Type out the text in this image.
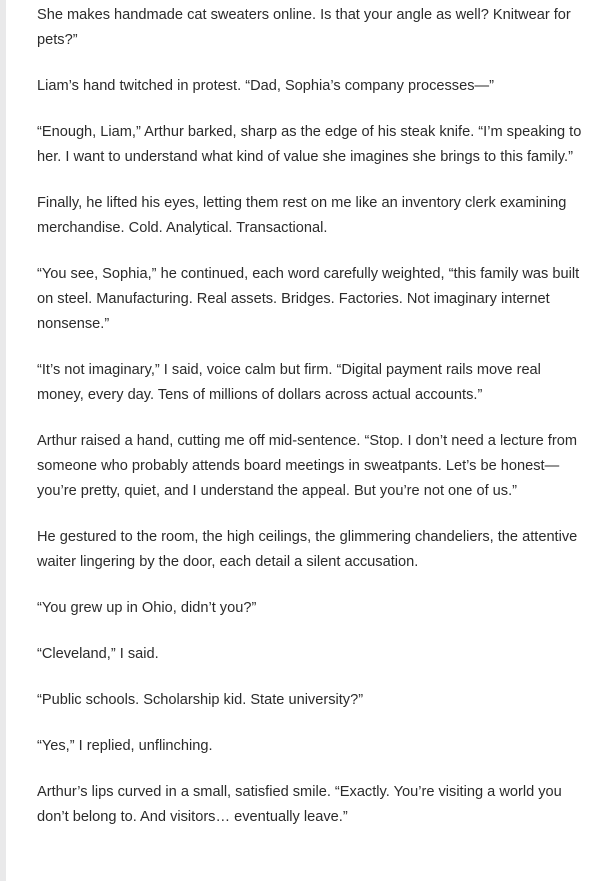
She makes handmade cat sweaters online. Is that your angle as well? Knitwear for pets?”

Liam’s hand twitched in protest. “Dad, Sophia’s company processes—”

“Enough, Liam,” Arthur barked, sharp as the edge of his steak knife. “I’m speaking to her. I want to understand what kind of value she imagines she brings to this family.”

Finally, he lifted his eyes, letting them rest on me like an inventory clerk examining merchandise. Cold. Analytical. Transactional.

“You see, Sophia,” he continued, each word carefully weighted, “this family was built on steel. Manufacturing. Real assets. Bridges. Factories. Not imaginary internet nonsense.”

“It’s not imaginary,” I said, voice calm but firm. “Digital payment rails move real money, every day. Tens of millions of dollars across actual accounts.”

Arthur raised a hand, cutting me off mid-sentence. “Stop. I don’t need a lecture from someone who probably attends board meetings in sweatpants. Let’s be honest—you’re pretty, quiet, and I understand the appeal. But you’re not one of us.”

He gestured to the room, the high ceilings, the glimmering chandeliers, the attentive waiter lingering by the door, each detail a silent accusation.

“You grew up in Ohio, didn’t you?”

“Cleveland,” I said.

“Public schools. Scholarship kid. State university?”

“Yes,” I replied, unflinching.

Arthur’s lips curved in a small, satisfied smile. “Exactly. You’re visiting a world you don’t belong to. And visitors… eventually leave.”
